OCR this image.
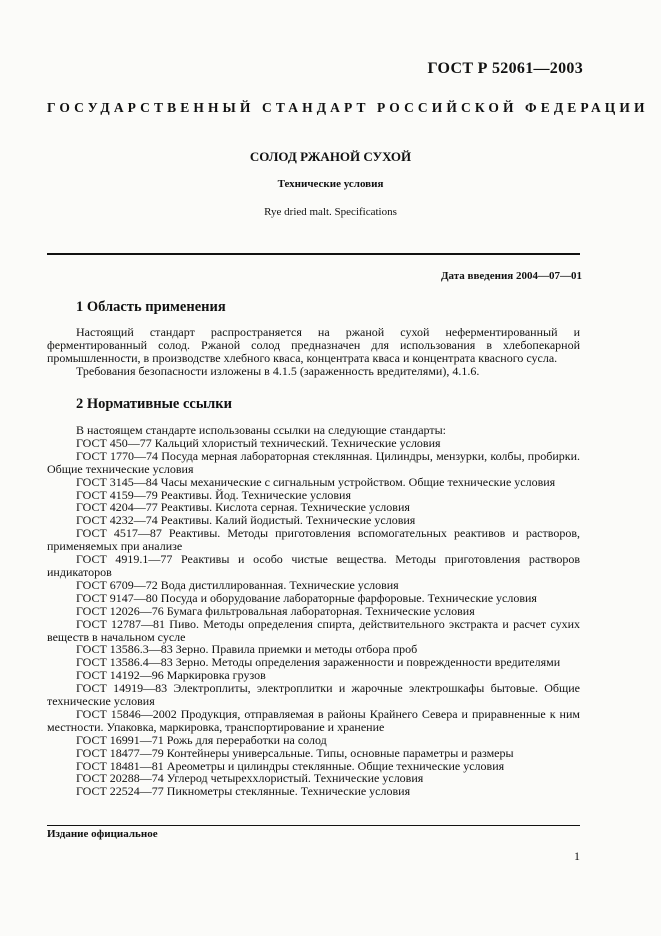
ГОСТ Р 52061—2003
ГОСУДАРСТВЕННЫЙ СТАНДАРТ РОССИЙСКОЙ ФЕДЕРАЦИИ
СОЛОД РЖАНОЙ СУХОЙ
Технические условия
Rye dried malt. Specifications
Дата введения 2004—07—01
1 Область применения

Настоящий стандарт распространяется на ржаной сухой неферментированный и ферментированный солод. Ржаной солод предназначен для использования в хлебопекарной промышленности, в производстве хлебного кваса, концентрата кваса и концентрата квасного сусла.

Требования безопасности изложены в 4.1.5 (зараженность вредителями), 4.1.6.

2 Нормативные ссылки

В настоящем стандарте использованы ссылки на следующие стандарты:

ГОСТ 450—77 Кальций хлористый технический. Технические условия

ГОСТ 1770—74 Посуда мерная лабораторная стеклянная. Цилиндры, мензурки, колбы, пробирки. Общие технические условия

ГОСТ 3145—84 Часы механические с сигнальным устройством. Общие технические условия

ГОСТ 4159—79 Реактивы. Йод. Технические условия

ГОСТ 4204—77 Реактивы. Кислота серная. Технические условия

ГОСТ 4232—74 Реактивы. Калий йодистый. Технические условия

ГОСТ 4517—87 Реактивы. Методы приготовления вспомогательных реактивов и растворов, применяемых при анализе

ГОСТ 4919.1—77 Реактивы и особо чистые вещества. Методы приготовления растворов индикаторов

ГОСТ 6709—72 Вода дистиллированная. Технические условия

ГОСТ 9147—80 Посуда и оборудование лабораторные фарфоровые. Технические условия

ГОСТ 12026—76 Бумага фильтровальная лабораторная. Технические условия

ГОСТ 12787—81 Пиво. Методы определения спирта, действительного экстракта и расчет сухих веществ в начальном сусле

ГОСТ 13586.3—83 Зерно. Правила приемки и методы отбора проб

ГОСТ 13586.4—83 Зерно. Методы определения зараженности и поврежденности вредителями

ГОСТ 14192—96 Маркировка грузов

ГОСТ 14919—83 Электроплиты, электроплитки и жарочные электрошкафы бытовые. Общие технические условия

ГОСТ 15846—2002 Продукция, отправляемая в районы Крайнего Севера и приравненные к ним местности. Упаковка, маркировка, транспортирование и хранение

ГОСТ 16991—71 Рожь для переработки на солод

ГОСТ 18477—79 Контейнеры универсальные. Типы, основные параметры и размеры

ГОСТ 18481—81 Ареометры и цилиндры стеклянные. Общие технические условия

ГОСТ 20288—74 Углерод четыреххлористый. Технические условия

ГОСТ 22524—77 Пикнометры стеклянные. Технические условия

Издание официальное
1
